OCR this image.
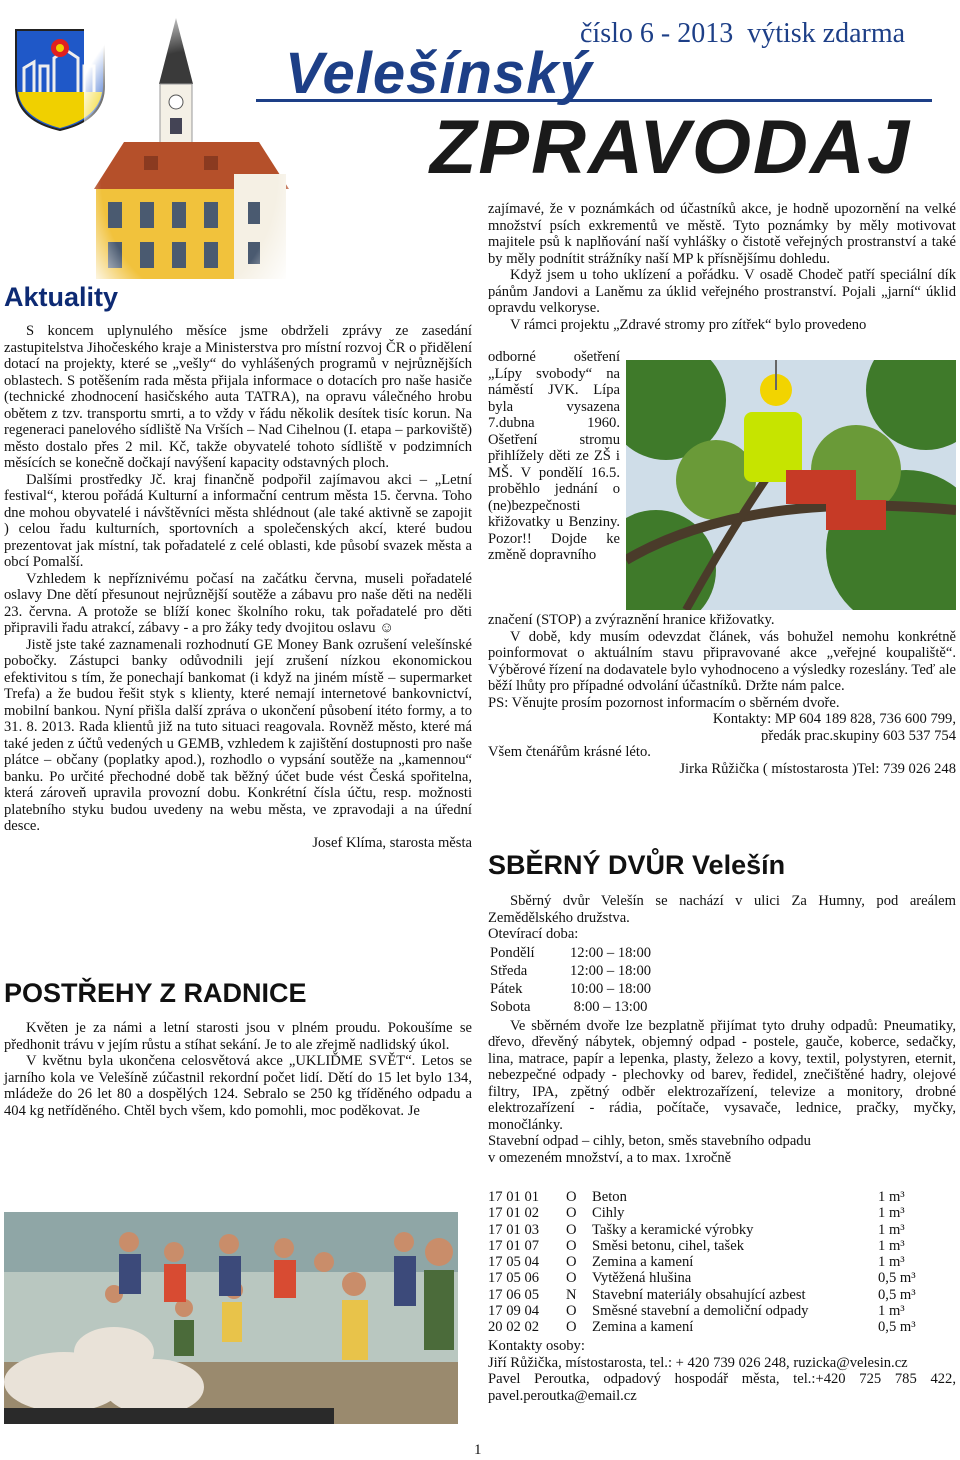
číslo 6 - 2013  výtisk zdarma
Velešínský
ZPRAVODAJ
Aktuality

S koncem uplynulého měsíce jsme obdrželi zprávy ze zasedání zastupitelstva Jihočeského kraje a Ministerstva pro místní rozvoj ČR o přidělení dotací na projekty, které se „vešly“ do vyhlášených programů v nejrůznějších oblastech. S potěšením rada města přijala informace o dotacích pro naše hasiče (technické zhodnocení hasičského auta TATRA), na opravu válečného hrobu obětem z tzv. transportu smrti, a to vždy v řádu několik desítek tisíc korun. Na regeneraci panelového sídliště Na Vrších – Nad Cihelnou (I. etapa – parkoviště) město dostalo přes 2 mil. Kč, takže obyvatelé tohoto sídliště v podzimních měsících se konečně dočkají navýšení kapacity odstavných ploch.

Dalšími prostředky Jč. kraj finančně podpořil zajímavou akci – „Letní festival“, kterou pořádá Kulturní a informační centrum města 15. června. Toho dne mohou obyvatelé i návštěvníci města shlédnout (ale také aktivně se zapojit ) celou řadu kulturních, sportovních a společenských akcí, které budou prezentovat jak místní, tak pořadatelé z celé oblasti, kde působí svazek města a obcí Pomalší.

Vzhledem k nepříznivému počasí na začátku června, museli pořadatelé oslavy Dne dětí přesunout nejrůznější soutěže a zábavu pro naše děti na neděli 23. června. A protože se blíží konec školního roku, tak pořadatelé pro děti připravili řadu atrakcí, zábavy - a pro žáky tedy dvojitou oslavu ☺

Jistě jste také zaznamenali rozhodnutí GE Money Bank ozrušení velešínské pobočky. Zástupci banky odůvodnili její zrušení nízkou ekonomickou efektivitou s tím, že ponechají bankomat (i když na jiném místě – supermarket Trefa) a že budou řešit styk s klienty, které nemají internetové bankovnictví, mobilní bankou. Nyní přišla další zpráva o ukončení působení itéto formy, a to 31. 8. 2013. Rada klientů již na tuto situaci reagovala. Rovněž město, které má také jeden z účtů vedených u GEMB, vzhledem k zajištění dostupnosti pro naše plátce – občany (poplatky apod.), rozhodlo o vypsání soutěže na „kamennou“ banku. Po určité přechodné době tak běžný účet bude vést Česká spořitelna, která zároveň upravila provozní dobu. Konkrétní čísla účtu, resp. možnosti platebního styku budou uvedeny na webu města, ve zpravodaji a na úřední desce.

Josef Klíma, starosta města

POSTŘEHY Z RADNICE

Květen je za námi a letní starosti jsou v plném proudu. Pokoušíme se předhonit trávu v jejím růstu a stíhat sekání. Je to ale zřejmě nadlidský úkol.

V květnu byla ukončena celosvětová akce „UKLIĎME SVĚT“. Letos se jarního kola ve Velešíně zúčastnil rekordní počet lidí. Dětí do 15 let bylo 134, mládeže do 26 let 80 a dospělých 124. Sebralo se 250 kg tříděného odpadu a 404 kg netříděného. Chtěl bych všem, kdo pomohli, moc poděkovat. Je

zajímavé, že v poznámkách od účastníků akce, je hodně upozornění na velké množství psích exkrementů ve městě. Tyto poznámky by měly motivovat majitele psů k naplňování naší vyhlášky o čistotě veřejných prostranství a také by měly podnítit strážníky naší MP k přísnějšímu dohledu.

Když jsem u toho uklízení a pořádku. V osadě Chodeč patří speciální dík pánům Jandovi a Laněmu za úklid veřejného prostranství. Pojali „jarní“ úklid opravdu velkoryse.

V rámci projektu „Zdravé stromy pro zítřek“ bylo provedeno

odborné ošetření „Lípy svobody“ na náměstí JVK. Lípa byla vysazena 7.dubna 1960. Ošetření stromu přihlížely děti ze ZŠ i MŠ. V pondělí 16.5. proběhlo jednání o (ne)bezpečnosti křižovatky u Benziny. Pozor!! Dojde ke změně dopravního

značení (STOP) a zvýraznění hranice křižovatky.

V době, kdy musím odevzdat článek, vás bohužel nemohu konkrétně poinformovat o aktuálním stavu připravované akce „veřejné koupaliště“. Výběrové řízení na dodavatele bylo vyhodnoceno a výsledky rozeslány. Teď ale běží lhůty pro případné odvolání účastníků. Držte nám palce.

PS: Věnujte prosím pozornost informacím o sběrném dvoře.

Kontakty: MP 604 189 828, 736 600 799,

předák prac.skupiny 603 537 754

Všem čtenářům krásné léto.

Jirka Růžička ( místostarosta )Tel: 739 026 248

SBĚRNÝ DVŮR Velešín

Sběrný dvůr Velešín se nachází v ulici Za Humny, pod areálem Zemědělského družstva.

Otevírací doba:

Pondělí	12:00 – 18:00
Středa	12:00 – 18:00
Pátek	10:00 – 18:00
Sobota	8:00 – 13:00

Ve sběrném dvoře lze bezplatně přijímat tyto druhy odpadů: Pneumatiky, dřevo, dřevěný nábytek, objemný odpad - postele, gauče, koberce, sedačky, lina, matrace, papír a lepenka, plasty, železo a kovy, textil, polystyren, eternit, nebezpečné odpady - plechovky od barev, ředidel, znečištěné hadry, olejové filtry, IPA, zpětný odběr elektrozařízení, televize a monitory, drobné elektrozařízení - rádia, počítače, vysavače, lednice, pračky, myčky, monočlánky.

Stavební odpad – cihly, beton, směs stavebního odpadu

v omezeném množství, a to max. 1xročně

17 01 01	O	Beton	1 m³
17 01 02	O	Cihly	1 m³
17 01 03	O	Tašky a keramické výrobky	1 m³
17 01 07	O	Směsi betonu, cihel, tašek	1 m³
17 05 04	O	Zemina a kamení	1 m³
17 05 06	O	Vytěžená hlušina	0,5 m³
17 06 05	N	Stavební materiály obsahující azbest	0,5 m³
17 09 04	O	Směsné stavební a demoliční odpady	1 m³
20 02 02	O	Zemina a kamení	0,5 m³

Kontakty osoby:

Jiří Růžička, místostarosta, tel.: + 420 739 026 248, ruzicka@velesin.cz

Pavel Peroutka, odpadový hospodář města, tel.:+420 725 785 422, pavel.peroutka@email.cz

1
